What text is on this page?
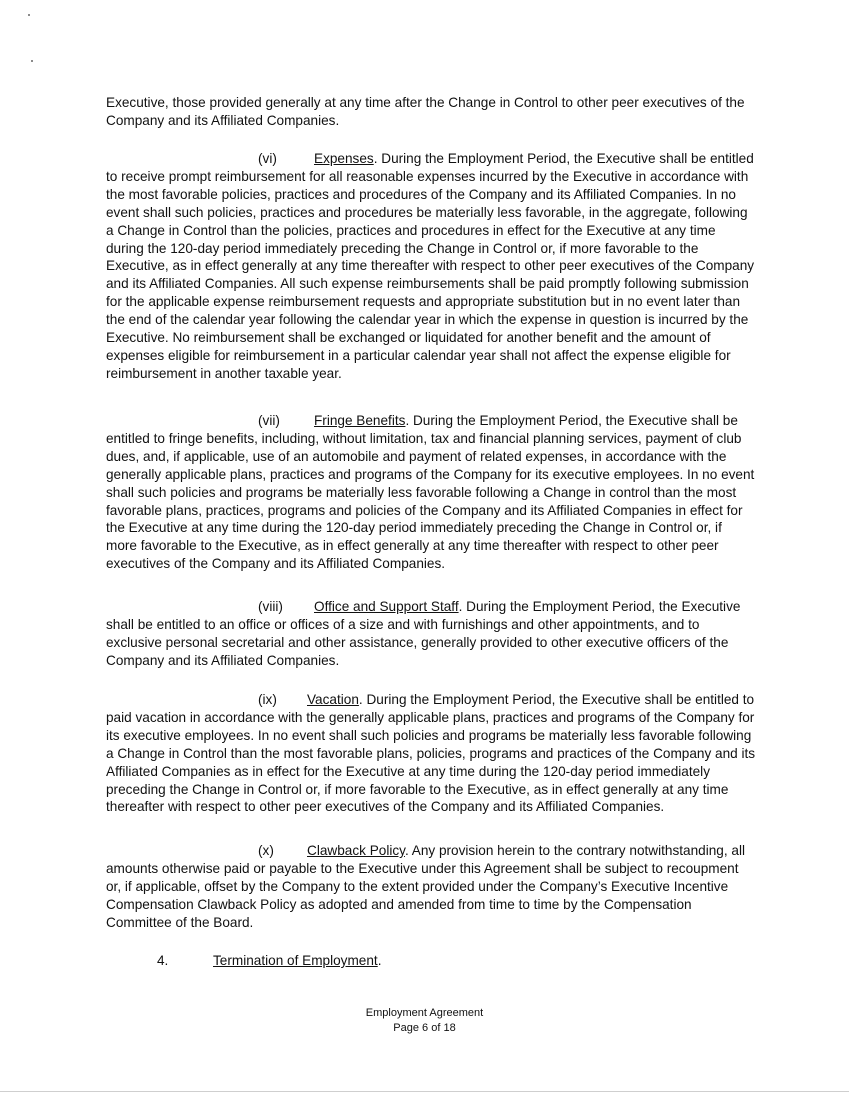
Executive, those provided generally at any time after the Change in Control to other peer executives of the Company and its Affiliated Companies.

(vi)	Expenses. During the Employment Period, the Executive shall be entitled to receive prompt reimbursement for all reasonable expenses incurred by the Executive in accordance with the most favorable policies, practices and procedures of the Company and its Affiliated Companies. In no event shall such policies, practices and procedures be materially less favorable, in the aggregate, following a Change in Control than the policies, practices and procedures in effect for the Executive at any time during the 120-day period immediately preceding the Change in Control or, if more favorable to the Executive, as in effect generally at any time thereafter with respect to other peer executives of the Company and its Affiliated Companies. All such expense reimbursements shall be paid promptly following submission for the applicable expense reimbursement requests and appropriate substitution but in no event later than the end of the calendar year following the calendar year in which the expense in question is incurred by the Executive. No reimbursement shall be exchanged or liquidated for another benefit and the amount of expenses eligible for reimbursement in a particular calendar year shall not affect the expense eligible for reimbursement in another taxable year.

(vii)	Fringe Benefits. During the Employment Period, the Executive shall be entitled to fringe benefits, including, without limitation, tax and financial planning services, payment of club dues, and, if applicable, use of an automobile and payment of related expenses, in accordance with the generally applicable plans, practices and programs of the Company for its executive employees. In no event shall such policies and programs be materially less favorable following a Change in control than the most favorable plans, practices, programs and policies of the Company and its Affiliated Companies in effect for the Executive at any time during the 120-day period immediately preceding the Change in Control or, if more favorable to the Executive, as in effect generally at any time thereafter with respect to other peer executives of the Company and its Affiliated Companies.

(viii) Office and Support Staff. During the Employment Period, the Executive shall be entitled to an office or offices of a size and with furnishings and other appointments, and to exclusive personal secretarial and other assistance, generally provided to other executive officers of the Company and its Affiliated Companies.

(ix) Vacation. During the Employment Period, the Executive shall be entitled to paid vacation in accordance with the generally applicable plans, practices and programs of the Company for its executive employees. In no event shall such policies and programs be materially less favorable following a Change in Control than the most favorable plans, policies, programs and practices of the Company and its Affiliated Companies as in effect for the Executive at any time during the 120-day period immediately preceding the Change in Control or, if more favorable to the Executive, as in effect generally at any time thereafter with respect to other peer executives of the Company and its Affiliated Companies.

(x) Clawback Policy. Any provision herein to the contrary notwithstanding, all amounts otherwise paid or payable to the Executive under this Agreement shall be subject to recoupment or, if applicable, offset by the Company to the extent provided under the Company’s Executive Incentive Compensation Clawback Policy as adopted and amended from time to time by the Compensation Committee of the Board.

4.	Termination of Employment.
Employment Agreement
Page 6 of 18
